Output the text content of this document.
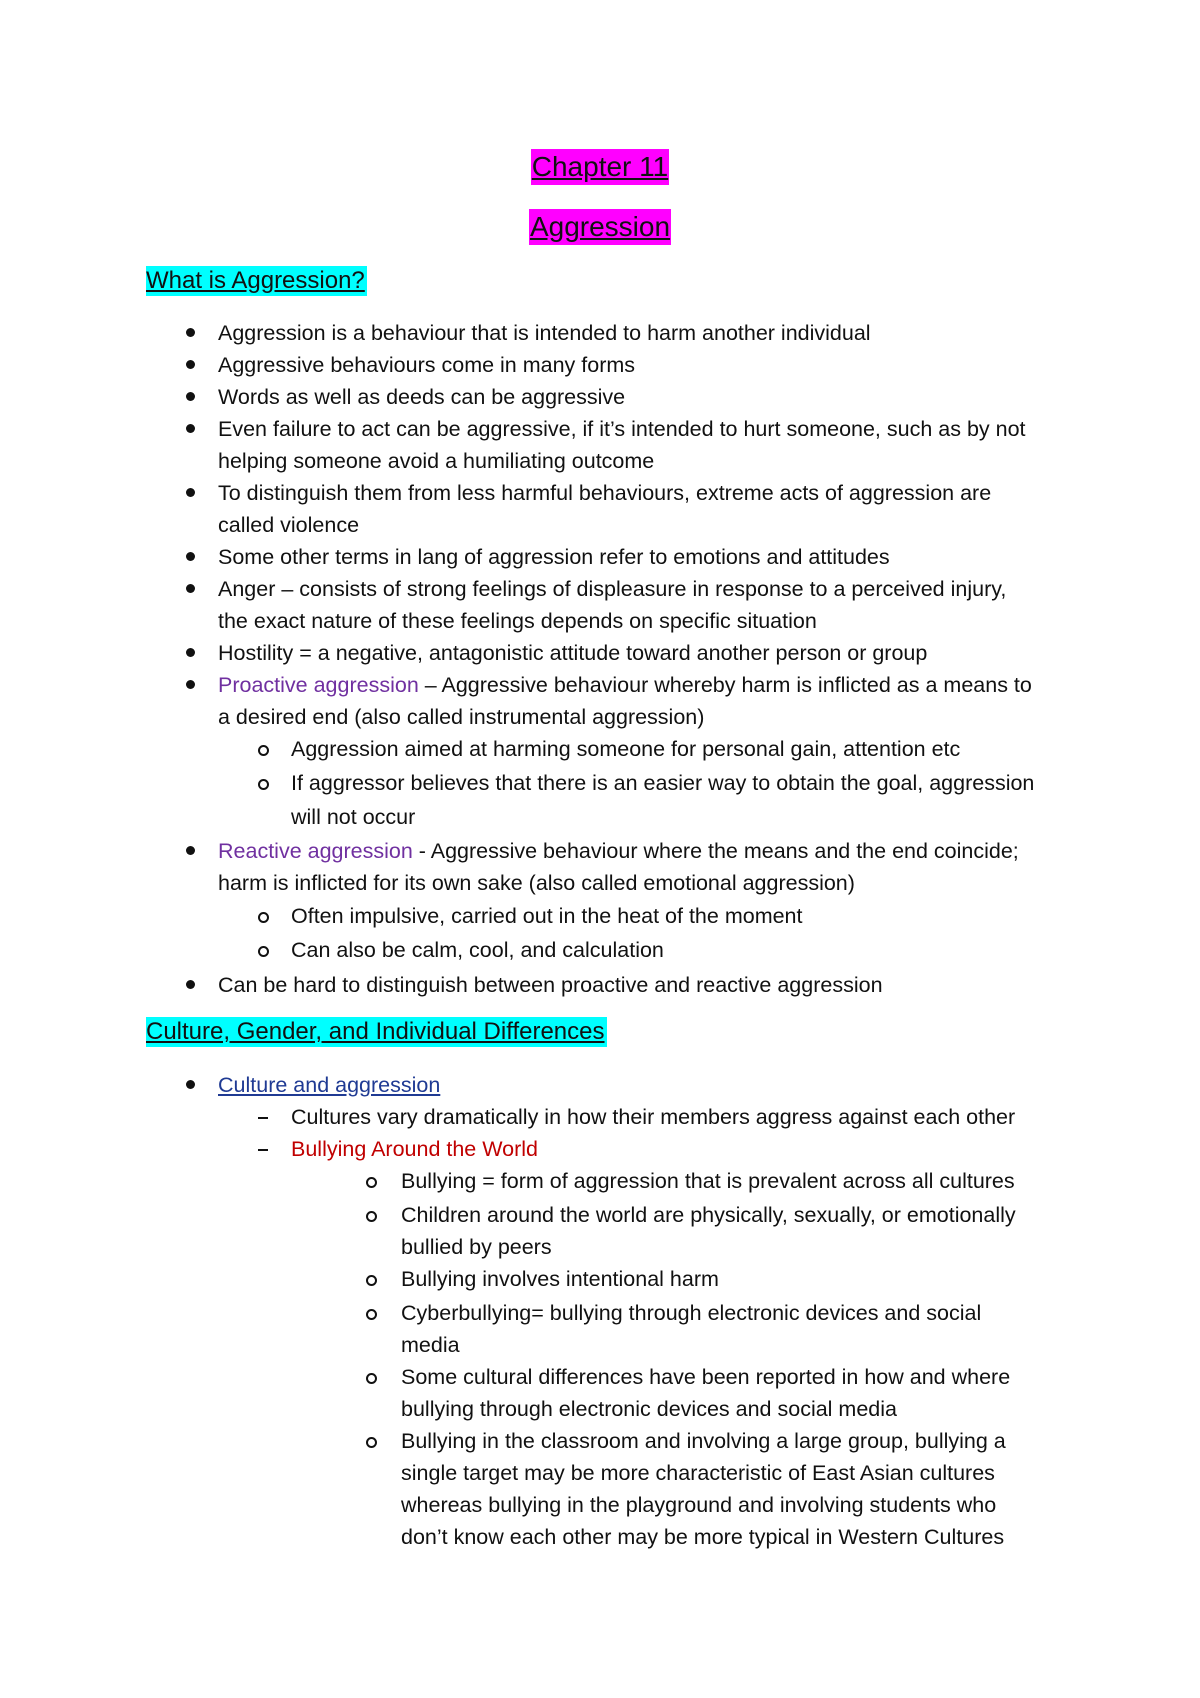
Chapter 11
Aggression
What is Aggression?
Aggression is a behaviour that is intended to harm another individual
Aggressive behaviours come in many forms
Words as well as deeds can be aggressive
Even failure to act can be aggressive, if it’s intended to hurt someone, such as by not
helping someone avoid a humiliating outcome
To distinguish them from less harmful behaviours, extreme acts of aggression are
called violence
Some other terms in lang of aggression refer to emotions and attitudes
Anger – consists of strong feelings of displeasure in response to a perceived injury,
the exact nature of these feelings depends on specific situation
Hostility = a negative, antagonistic attitude toward another person or group
Proactive aggression – Aggressive behaviour whereby harm is inflicted as a means to
a desired end (also called instrumental aggression)
Aggression aimed at harming someone for personal gain, attention etc
If aggressor believes that there is an easier way to obtain the goal, aggression
will not occur
Reactive aggression - Aggressive behaviour where the means and the end coincide;
harm is inflicted for its own sake (also called emotional aggression)
Often impulsive, carried out in the heat of the moment
Can also be calm, cool, and calculation
Can be hard to distinguish between proactive and reactive aggression
Culture, Gender, and Individual Differences
Culture and aggression
Cultures vary dramatically in how their members aggress against each other
Bullying Around the World
Bullying = form of aggression that is prevalent across all cultures
Children around the world are physically, sexually, or emotionally
bullied by peers
Bullying involves intentional harm
Cyberbullying= bullying through electronic devices and social
media
Some cultural differences have been reported in how and where
bullying through electronic devices and social media
Bullying in the classroom and involving a large group, bullying a
single target may be more characteristic of East Asian cultures
whereas bullying in the playground and involving students who
don’t know each other may be more typical in Western Cultures
